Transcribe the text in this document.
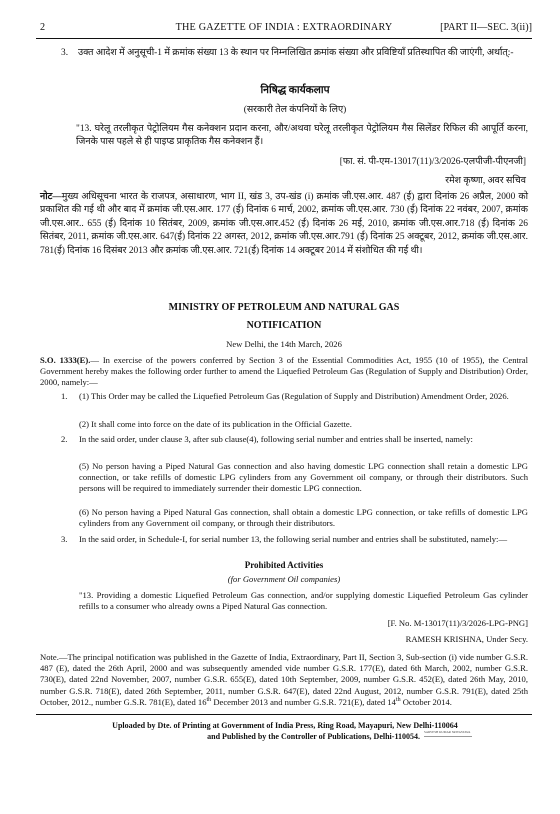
2	THE GAZETTE OF INDIA : EXTRAORDINARY	[PART II—SEC. 3(ii)]
3. उक्त आदेश में अनुसूची-1 में क्रमांक संख्या 13 के स्थान पर निम्नलिखित क्रमांक संख्या और प्रविष्टियाँ प्रतिस्थापित की जाएंगी, अर्थात्:-
निषिद्ध कार्यकलाप
(सरकारी तेल कंपनियों के लिए)
"13. घरेलू तरलीकृत पेट्रोलियम गैस कनेक्शन प्रदान करना, और/अथवा घरेलू तरलीकृत पेट्रोलियम गैस सिलेंडर रिफिल की आपूर्ति करना, जिनके पास पहले से ही पाइप्ड प्राकृतिक गैस कनेक्शन हैं।
[फा. सं. पी-एम-13017(11)/3/2026-एलपीजी-पीएनजी]
रमेश कृष्णा, अवर सचिव
नोट—मुख्य अधिसूचना भारत के राजपत्र, असाधारण, भाग II, खंड 3, उप-खंड (i) क्रमांक जी.एस.आर. 487 (ई) द्वारा दिनांक 26 अप्रैल, 2000 को प्रकाशित की गई थी और बाद में क्रमांक जी.एस.आर. 177 (ई) दिनांक 6 मार्च, 2002, क्रमांक जी.एस.आर. 730 (ई) दिनांक 22 नवंबर, 2007, क्रमांक जी.एस.आर.. 655 (ई) दिनांक 10 सितंबर, 2009, क्रमांक जी.एस.आर.452 (ई) दिनांक 26 मई, 2010, क्रमांक जी.एस.आर.718 (ई) दिनांक 26 सितंबर, 2011, क्रमांक जी.एस.आर. 647(ई) दिनांक 22 अगस्त, 2012, क्रमांक जी.एस.आर.791 (ई) दिनांक 25 अक्टूबर, 2012, क्रमांक जी.एस.आर. 781(ई) दिनांक 16 दिसंबर 2013 और क्रमांक जी.एस.आर. 721(ई) दिनांक 14 अक्टूबर 2014 में संशोधित की गई थी।
MINISTRY OF PETROLEUM AND NATURAL GAS
NOTIFICATION
New Delhi, the 14th March, 2026
S.O. 1333(E).— In exercise of the powers conferred by Section 3 of the Essential Commodities Act, 1955 (10 of 1955), the Central Government hereby makes the following order further to amend the Liquefied Petroleum Gas (Regulation of Supply and Distribution) Order, 2000, namely:—
1. (1) This Order may be called the Liquefied Petroleum Gas (Regulation of Supply and Distribution) Amendment Order, 2026.
(2) It shall come into force on the date of its publication in the Official Gazette.
2. In the said order, under clause 3, after sub clause(4), following serial number and entries shall be inserted, namely:
(5) No person having a Piped Natural Gas connection and also having domestic LPG connection shall retain a domestic LPG connection, or take refills of domestic LPG cylinders from any Government oil company, or through their distributors. Such persons will be required to immediately surrender their domestic LPG connection.
(6) No person having a Piped Natural Gas connection, shall obtain a domestic LPG connection, or take refills of domestic LPG cylinders from any Government oil company, or through their distributors.
3. In the said order, in Schedule-I, for serial number 13, the following serial number and entries shall be substituted, namely:—
Prohibited Activities
(for Government Oil companies)
"13. Providing a domestic Liquefied Petroleum Gas connection, and/or supplying domestic Liquefied Petroleum Gas cylinder refills to a consumer who already owns a Piped Natural Gas connection.
[F. No. M-13017(11)/3/2026-LPG-PNG]
RAMESH KRISHNA, Under Secy.
Note.—The principal notification was published in the Gazette of India, Extraordinary, Part II, Section 3, Sub-section (i) vide number G.S.R. 487 (E), dated the 26th April, 2000 and was subsequently amended vide number G.S.R. 177(E), dated 6th March, 2002, number G.S.R. 730(E), dated 22nd November, 2007, number G.S.R. 655(E), dated 10th September, 2009, number G.S.R. 452(E), dated 26th May, 2010, number G.S.R. 718(E), dated 26th September, 2011, number G.S.R. 647(E), dated 22nd August, 2012, number G.S.R. 791(E), dated 25th October, 2012., number G.S.R. 781(E), dated 16th December 2013 and number G.S.R. 721(E), dated 14th October 2014.
Uploaded by Dte. of Printing at Government of India Press, Ring Road, Mayapuri, New Delhi-110064
and Published by the Controller of Publications, Delhi-110054. SARVESH KUMAR SRIVASTAVA
